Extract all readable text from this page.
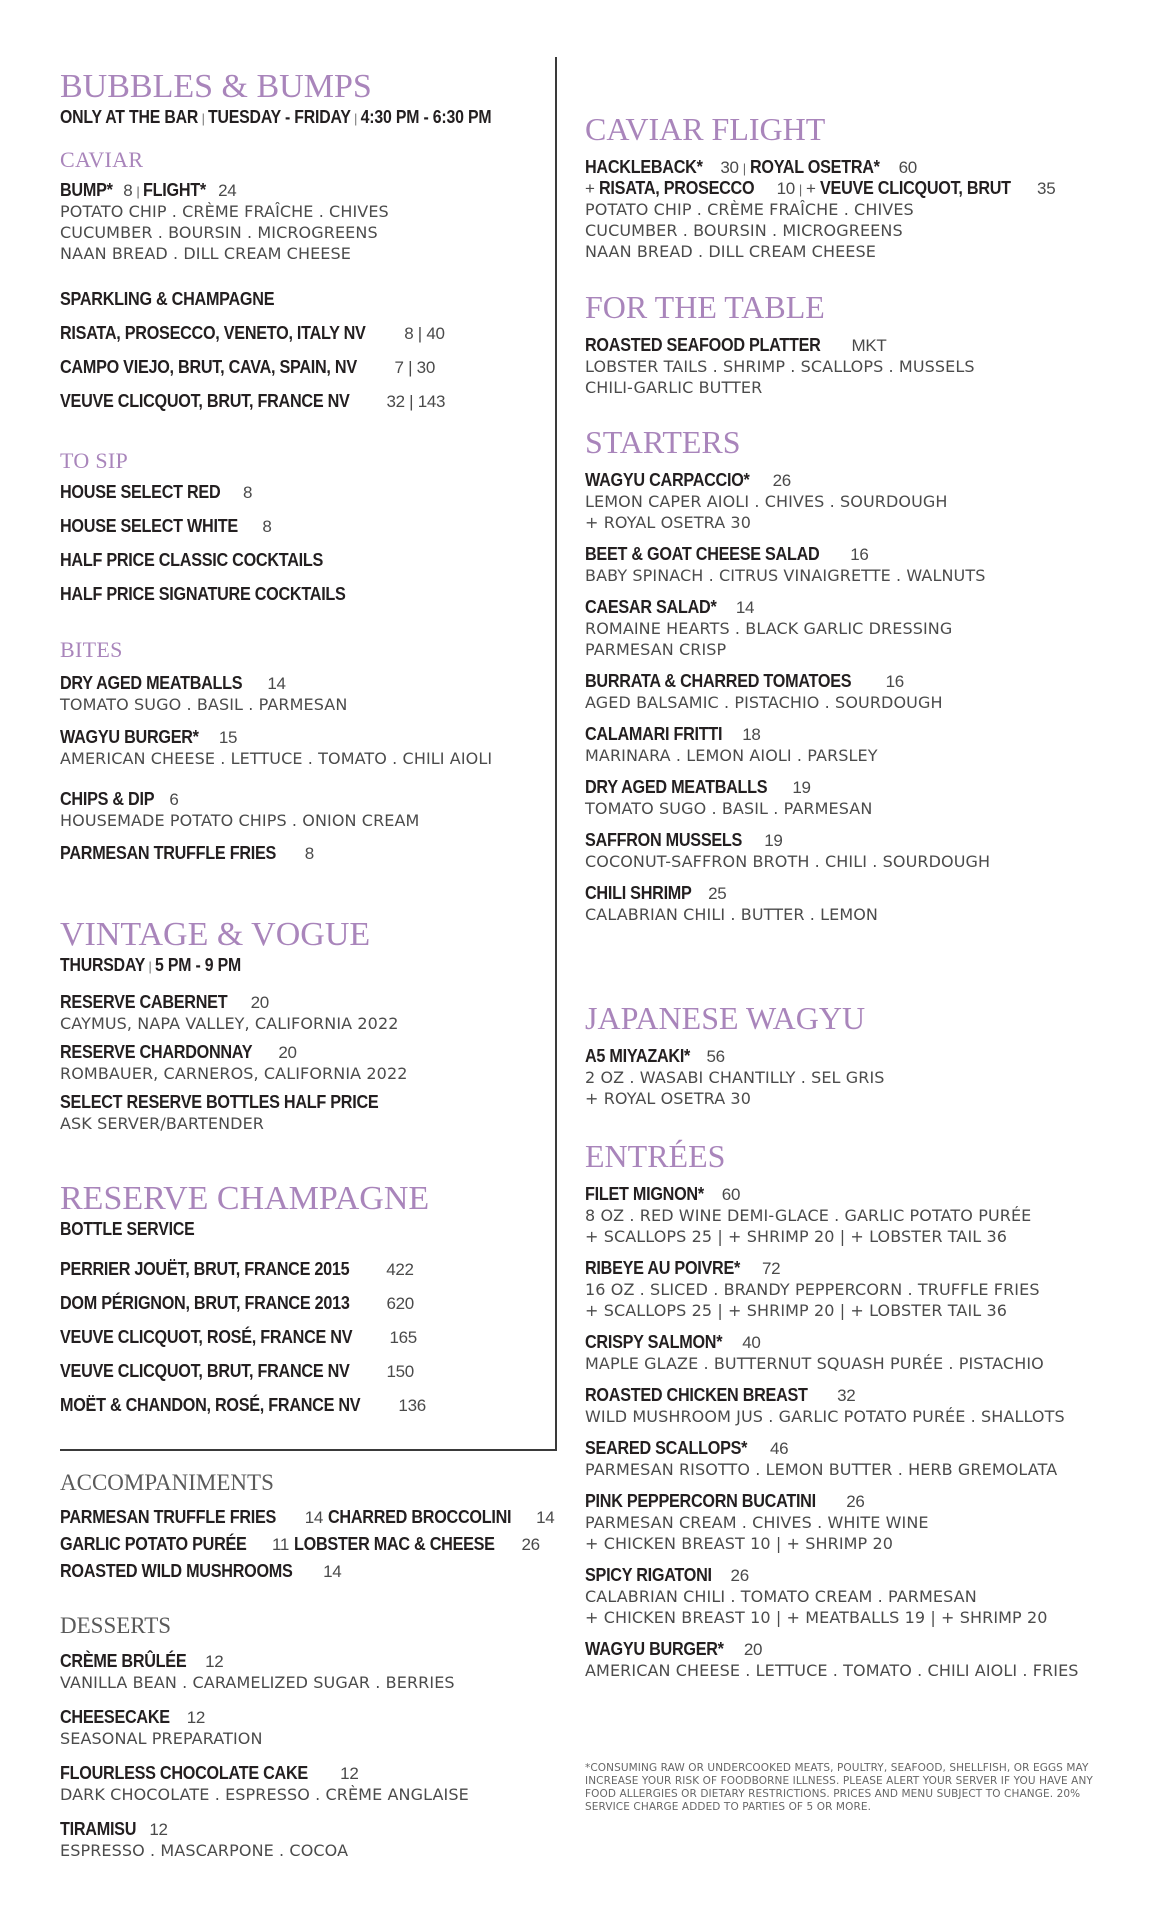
BUBBLES & BUMPS
ONLY AT THE BAR | TUESDAY - FRIDAY | 4:30 PM - 6:30 PM
CAVIAR
BUMP* 8 | FLIGHT* 24
POTATO CHIP . CRÈME FRAÎCHE . CHIVES
CUCUMBER . BOURSIN . MICROGREENS
NAAN BREAD . DILL CREAM CHEESE
SPARKLING & CHAMPAGNE
RISATA, PROSECCO, VENETO, ITALY NV 8 | 40
CAMPO VIEJO, BRUT, CAVA, SPAIN, NV 7 | 30
VEUVE CLICQUOT, BRUT, FRANCE NV 32 | 143
TO SIP
HOUSE SELECT RED 8
HOUSE SELECT WHITE 8
HALF PRICE CLASSIC COCKTAILS
HALF PRICE SIGNATURE COCKTAILS
BITES
DRY AGED MEATBALLS 14
TOMATO SUGO . BASIL . PARMESAN
WAGYU BURGER* 15
AMERICAN CHEESE . LETTUCE . TOMATO . CHILI AIOLI
CHIPS & DIP 6
HOUSEMADE POTATO CHIPS . ONION CREAM
PARMESAN TRUFFLE FRIES 8
VINTAGE & VOGUE
THURSDAY | 5 PM - 9 PM
RESERVE CABERNET 20
CAYMUS, NAPA VALLEY, CALIFORNIA 2022
RESERVE CHARDONNAY 20
ROMBAUER, CARNEROS, CALIFORNIA 2022
SELECT RESERVE BOTTLES HALF PRICE
ASK SERVER/BARTENDER
RESERVE CHAMPAGNE
BOTTLE SERVICE
PERRIER JOUËT, BRUT, FRANCE 2015 422
DOM PÉRIGNON, BRUT, FRANCE 2013 620
VEUVE CLICQUOT, ROSÉ, FRANCE NV 165
VEUVE CLICQUOT, BRUT, FRANCE NV 150
MOËT & CHANDON, ROSÉ, FRANCE NV 136
ACCOMPANIMENTS
PARMESAN TRUFFLE FRIES 14 CHARRED BROCCOLINI 14
GARLIC POTATO PURÉE 11 LOBSTER MAC & CHEESE 26
ROASTED WILD MUSHROOMS 14
DESSERTS
CRÈME BRÛLÉE 12
VANILLA BEAN . CARAMELIZED SUGAR . BERRIES
CHEESECAKE 12
SEASONAL PREPARATION
FLOURLESS CHOCOLATE CAKE 12
DARK CHOCOLATE . ESPRESSO . CRÈME ANGLAISE
TIRAMISU 12
ESPRESSO . MASCARPONE . COCOA
CAVIAR FLIGHT
HACKLEBACK* 30 | ROYAL OSETRA* 60
+ RISATA, PROSECCO 10 | + VEUVE CLICQUOT, BRUT 35
POTATO CHIP . CRÈME FRAÎCHE . CHIVES
CUCUMBER . BOURSIN . MICROGREENS
NAAN BREAD . DILL CREAM CHEESE
FOR THE TABLE
ROASTED SEAFOOD PLATTER MKT
LOBSTER TAILS . SHRIMP . SCALLOPS . MUSSELS
CHILI-GARLIC BUTTER
STARTERS
WAGYU CARPACCIO* 26
LEMON CAPER AIOLI . CHIVES . SOURDOUGH
+ ROYAL OSETRA 30
BEET & GOAT CHEESE SALAD 16
BABY SPINACH . CITRUS VINAIGRETTE . WALNUTS
CAESAR SALAD* 14
ROMAINE HEARTS . BLACK GARLIC DRESSING
PARMESAN CRISP
BURRATA & CHARRED TOMATOES 16
AGED BALSAMIC . PISTACHIO . SOURDOUGH
CALAMARI FRITTI 18
MARINARA . LEMON AIOLI . PARSLEY
DRY AGED MEATBALLS 19
TOMATO SUGO . BASIL . PARMESAN
SAFFRON MUSSELS 19
COCONUT-SAFFRON BROTH . CHILI . SOURDOUGH
CHILI SHRIMP 25
CALABRIAN CHILI . BUTTER . LEMON
JAPANESE WAGYU
A5 MIYAZAKI* 56
2 OZ . WASABI CHANTILLY . SEL GRIS
+ ROYAL OSETRA 30
ENTRÉES
FILET MIGNON* 60
8 OZ . RED WINE DEMI-GLACE . GARLIC POTATO PURÉE
+ SCALLOPS 25 | + SHRIMP 20 | + LOBSTER TAIL 36
RIBEYE AU POIVRE* 72
16 OZ . SLICED . BRANDY PEPPERCORN . TRUFFLE FRIES
+ SCALLOPS 25 | + SHRIMP 20 | + LOBSTER TAIL 36
CRISPY SALMON* 40
MAPLE GLAZE . BUTTERNUT SQUASH PURÉE . PISTACHIO
ROASTED CHICKEN BREAST 32
WILD MUSHROOM JUS . GARLIC POTATO PURÉE . SHALLOTS
SEARED SCALLOPS* 46
PARMESAN RISOTTO . LEMON BUTTER . HERB GREMOLATA
PINK PEPPERCORN BUCATINI 26
PARMESAN CREAM . CHIVES . WHITE WINE
+ CHICKEN BREAST 10 | + SHRIMP 20
SPICY RIGATONI 26
CALABRIAN CHILI . TOMATO CREAM . PARMESAN
+ CHICKEN BREAST 10 | + MEATBALLS 19 | + SHRIMP 20
WAGYU BURGER* 20
AMERICAN CHEESE . LETTUCE . TOMATO . CHILI AIOLI . FRIES
*CONSUMING RAW OR UNDERCOOKED MEATS, POULTRY, SEAFOOD, SHELLFISH, OR EGGS MAY INCREASE YOUR RISK OF FOODBORNE ILLNESS. PLEASE ALERT YOUR SERVER IF YOU HAVE ANY FOOD ALLERGIES OR DIETARY RESTRICTIONS. PRICES AND MENU SUBJECT TO CHANGE. 20% SERVICE CHARGE ADDED TO PARTIES OF 5 OR MORE.
